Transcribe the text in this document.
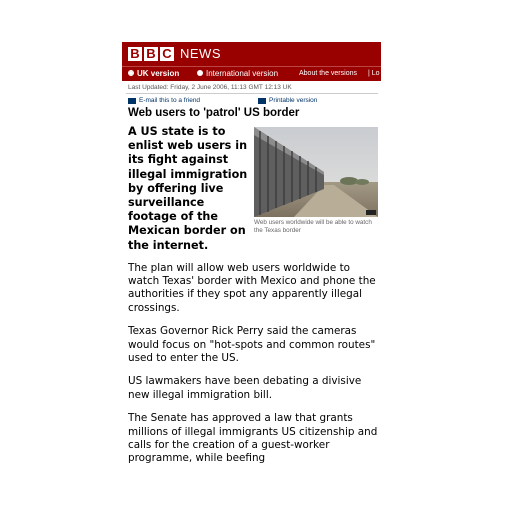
B B C NEWS
UK version	International version	About the versions | Lo
Last Updated: Friday, 2 June 2006, 11:13 GMT 12:13 UK
E-mail this to a friend	Printable version
Web users to 'patrol' US border
A US state is to enlist web users in its fight against illegal immigration by offering live surveillance footage of the Mexican border on the internet.
Web users worldwide will be able to watch the Texas border

The plan will allow web users worldwide to watch Texas' border with Mexico and phone the authorities if they spot any apparently illegal crossings.

Texas Governor Rick Perry said the cameras would focus on "hot-spots and common routes" used to enter the US.

US lawmakers have been debating a divisive new illegal immigration bill.

The Senate has approved a law that grants millions of illegal immigrants US citizenship and calls for the creation of a guest-worker programme, while beefing
